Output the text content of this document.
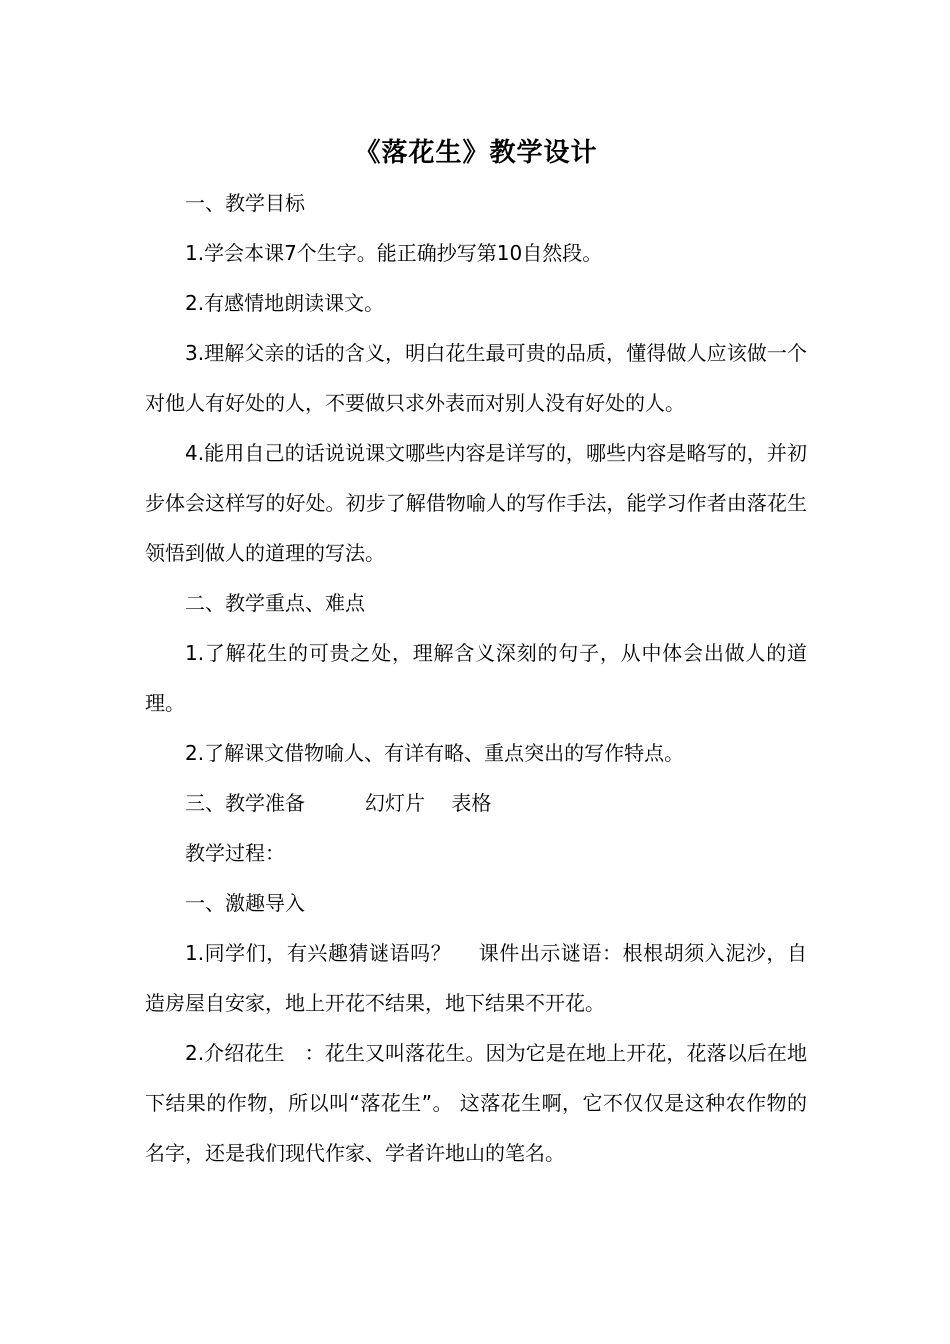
《落花生》教学设计

一、教学目标

1.学会本课7个生字。能正确抄写第10自然段。

2.有感情地朗读课文。

3.理解父亲的话的含义，明白花生最可贵的品质，懂得做人应该做一个对他人有好处的人，不要做只求外表而对别人没有好处的人。

4.能用自己的话说说课文哪些内容是详写的，哪些内容是略写的，并初步体会这样写的好处。初步了解借物喻人的写作手法，能学习作者由落花生领悟到做人的道理的写法。

二、教学重点、难点

1.了解花生的可贵之处，理解含义深刻的句子，从中体会出做人的道理。

2.了解课文借物喻人、有详有略、重点突出的写作特点。

三、教学准备　　　幻灯片　 表格

教学过程：

一、激趣导入

1.同学们，有兴趣猜谜语吗？　 课件出示谜语：根根胡须入泥沙，自造房屋自安家，地上开花不结果，地下结果不开花。

2.介绍花生　：花生又叫落花生。因为它是在地上开花，花落以后在地下结果的作物，所以叫“落花生”。 这落花生啊，它不仅仅是这种农作物的名字，还是我们现代作家、学者许地山的笔名。
